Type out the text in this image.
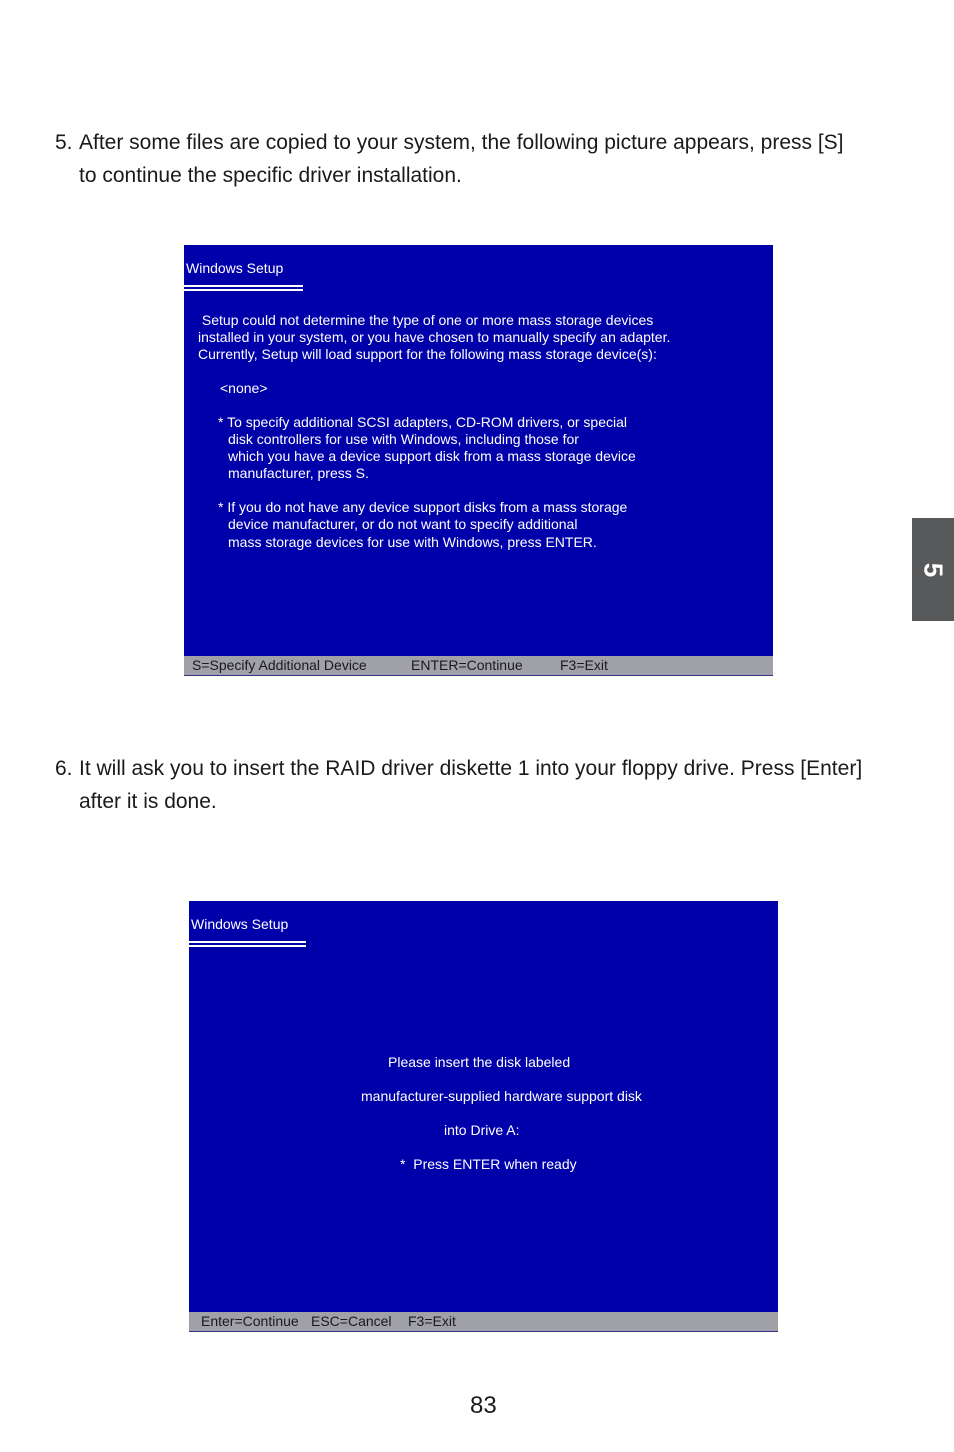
5. After some files are copied to your system, the following picture appears, press [S]
to continue the specific driver installation.
Windows Setup
Setup could not determine the type of one or more mass storage devices
installed in your system, or you have chosen to manually specify an adapter.
Currently, Setup will load support for the following mass storage device(s):
<none>
* To specify additional SCSI adapters, CD-ROM drivers, or special
disk controllers for use with Windows, including those for
which you have a device support disk from a mass storage device
manufacturer, press S.
* If you do not have any device support disks from a mass storage
device manufacturer, or do not want to specify additional
mass storage devices for use with Windows, press ENTER.
S=Specify Additional Device	ENTER=Continue	F3=Exit
6. It will ask you to insert the RAID driver diskette 1 into your floppy drive. Press [Enter]
after it is done.
Windows Setup
Please insert the disk labeled
manufacturer-supplied hardware support disk
into Drive A:
*  Press ENTER when ready
Enter=Continue ESC=Cancel F3=Exit
5
83
